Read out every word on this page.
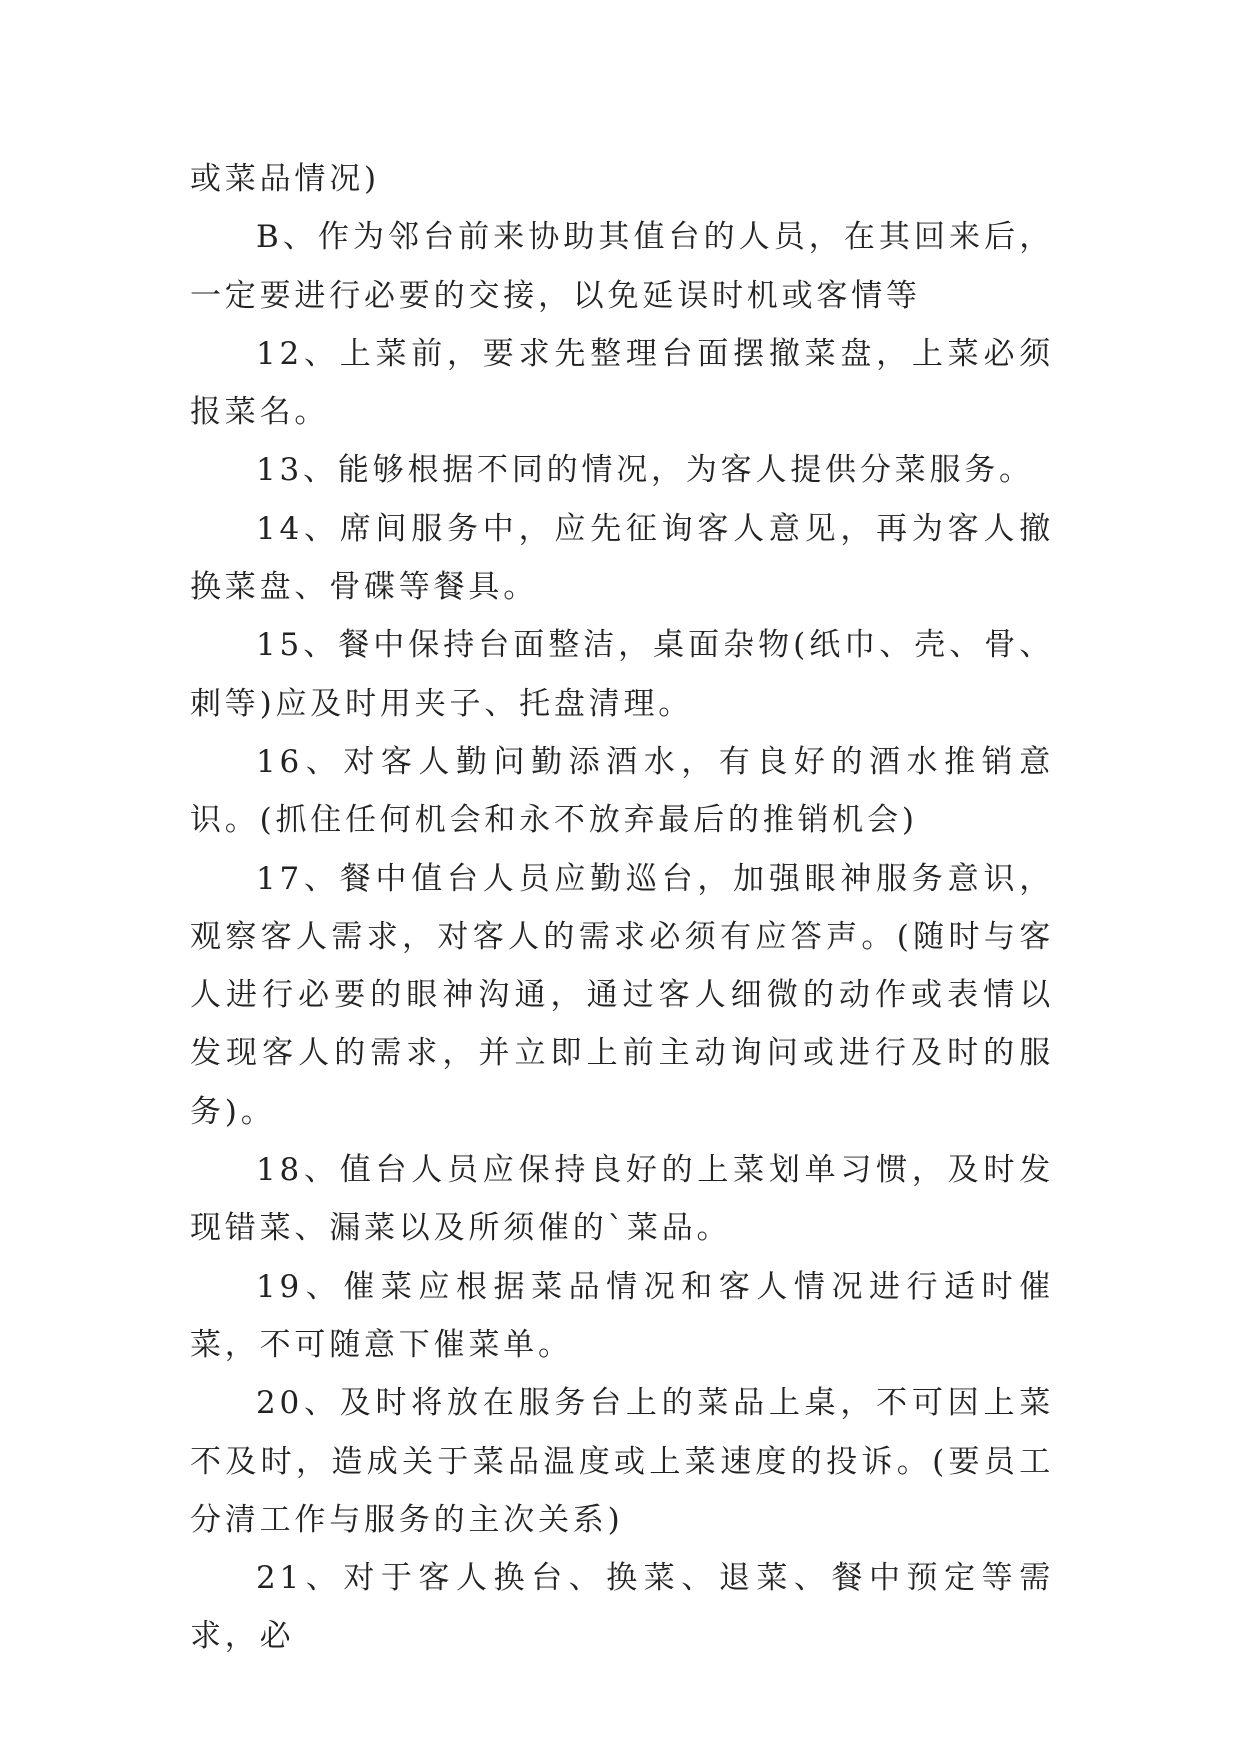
或菜品情况)

B、作为邻台前来协助其值台的人员，在其回来后，一定要进行必要的交接，以免延误时机或客情等

12、上菜前，要求先整理台面摆撤菜盘，上菜必须报菜名。

13、能够根据不同的情况，为客人提供分菜服务。

14、席间服务中，应先征询客人意见，再为客人撤换菜盘、骨碟等餐具。

15、餐中保持台面整洁，桌面杂物(纸巾、壳、骨、刺等)应及时用夹子、托盘清理。

16、对客人勤问勤添酒水，有良好的酒水推销意识。(抓住任何机会和永不放弃最后的推销机会)

17、餐中值台人员应勤巡台，加强眼神服务意识，观察客人需求，对客人的需求必须有应答声。(随时与客人进行必要的眼神沟通，通过客人细微的动作或表情以发现客人的需求，并立即上前主动询问或进行及时的服务)。

18、值台人员应保持良好的上菜划单习惯，及时发现错菜、漏菜以及所须催的`菜品。

19、催菜应根据菜品情况和客人情况进行适时催菜，不可随意下催菜单。

20、及时将放在服务台上的菜品上桌，不可因上菜不及时，造成关于菜品温度或上菜速度的投诉。(要员工分清工作与服务的主次关系)

21、对于客人换台、换菜、退菜、餐中预定等需求，必
